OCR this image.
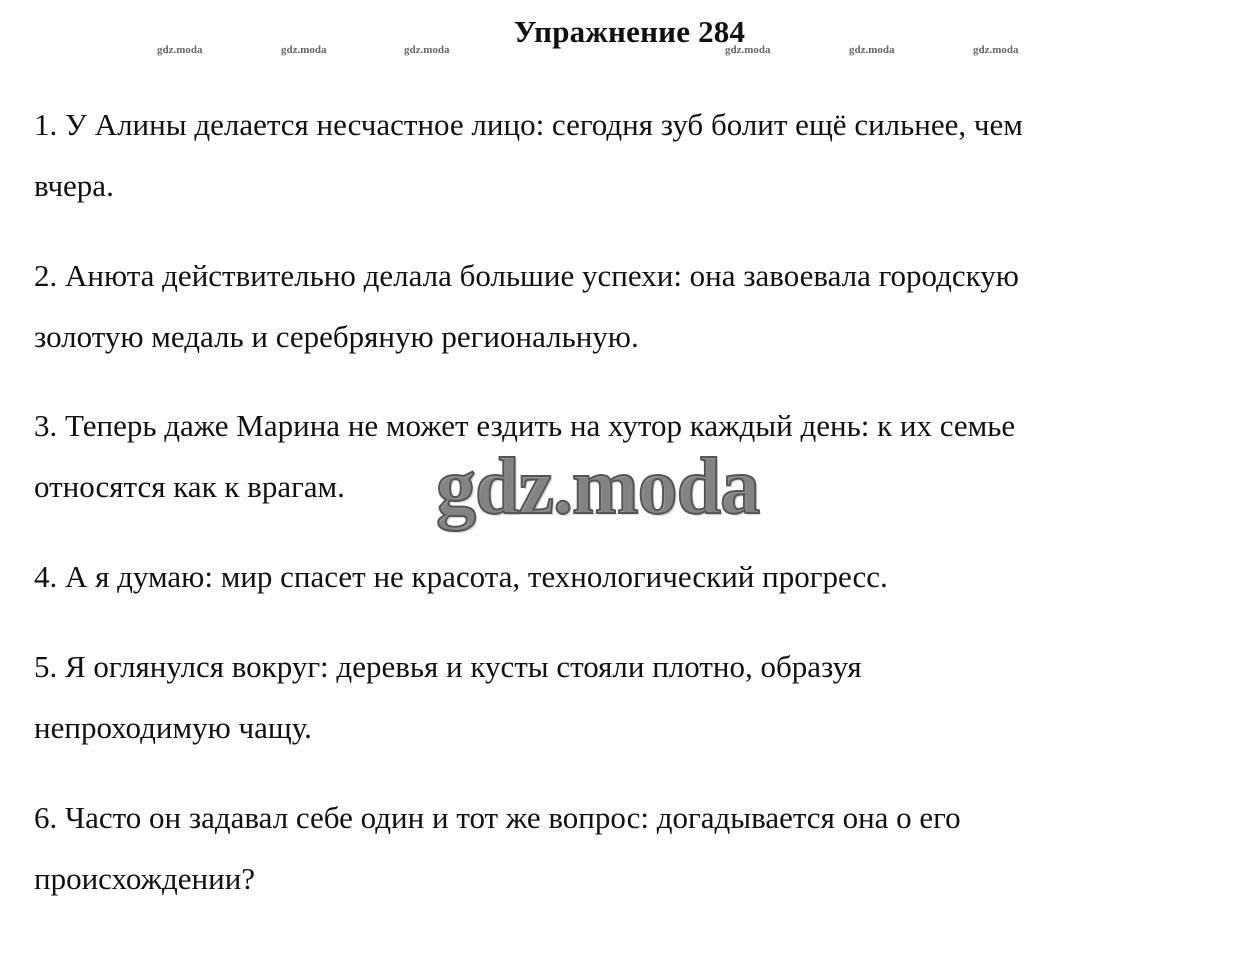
Упражнение 284
gdz.moda	gdz.moda	gdz.moda	gdz.moda	gdz.moda	gdz.moda
1. У Алины делается несчастное лицо: сегодня зуб болит ещё сильнее, чем
вчера.
2. Анюта действительно делала большие успехи: она завоевала городскую
золотую медаль и серебряную региональную.
3. Теперь даже Марина не может ездить на хутор каждый день: к их семье
относятся как к врагам.
4. А я думаю: мир спасет не красота, технологический прогресс.
5. Я оглянулся вокруг: деревья и кусты стояли плотно, образуя
непроходимую чащу.
6. Часто он задавал себе один и тот же вопрос: догадывается она о его
происхождении?
gdz.moda
